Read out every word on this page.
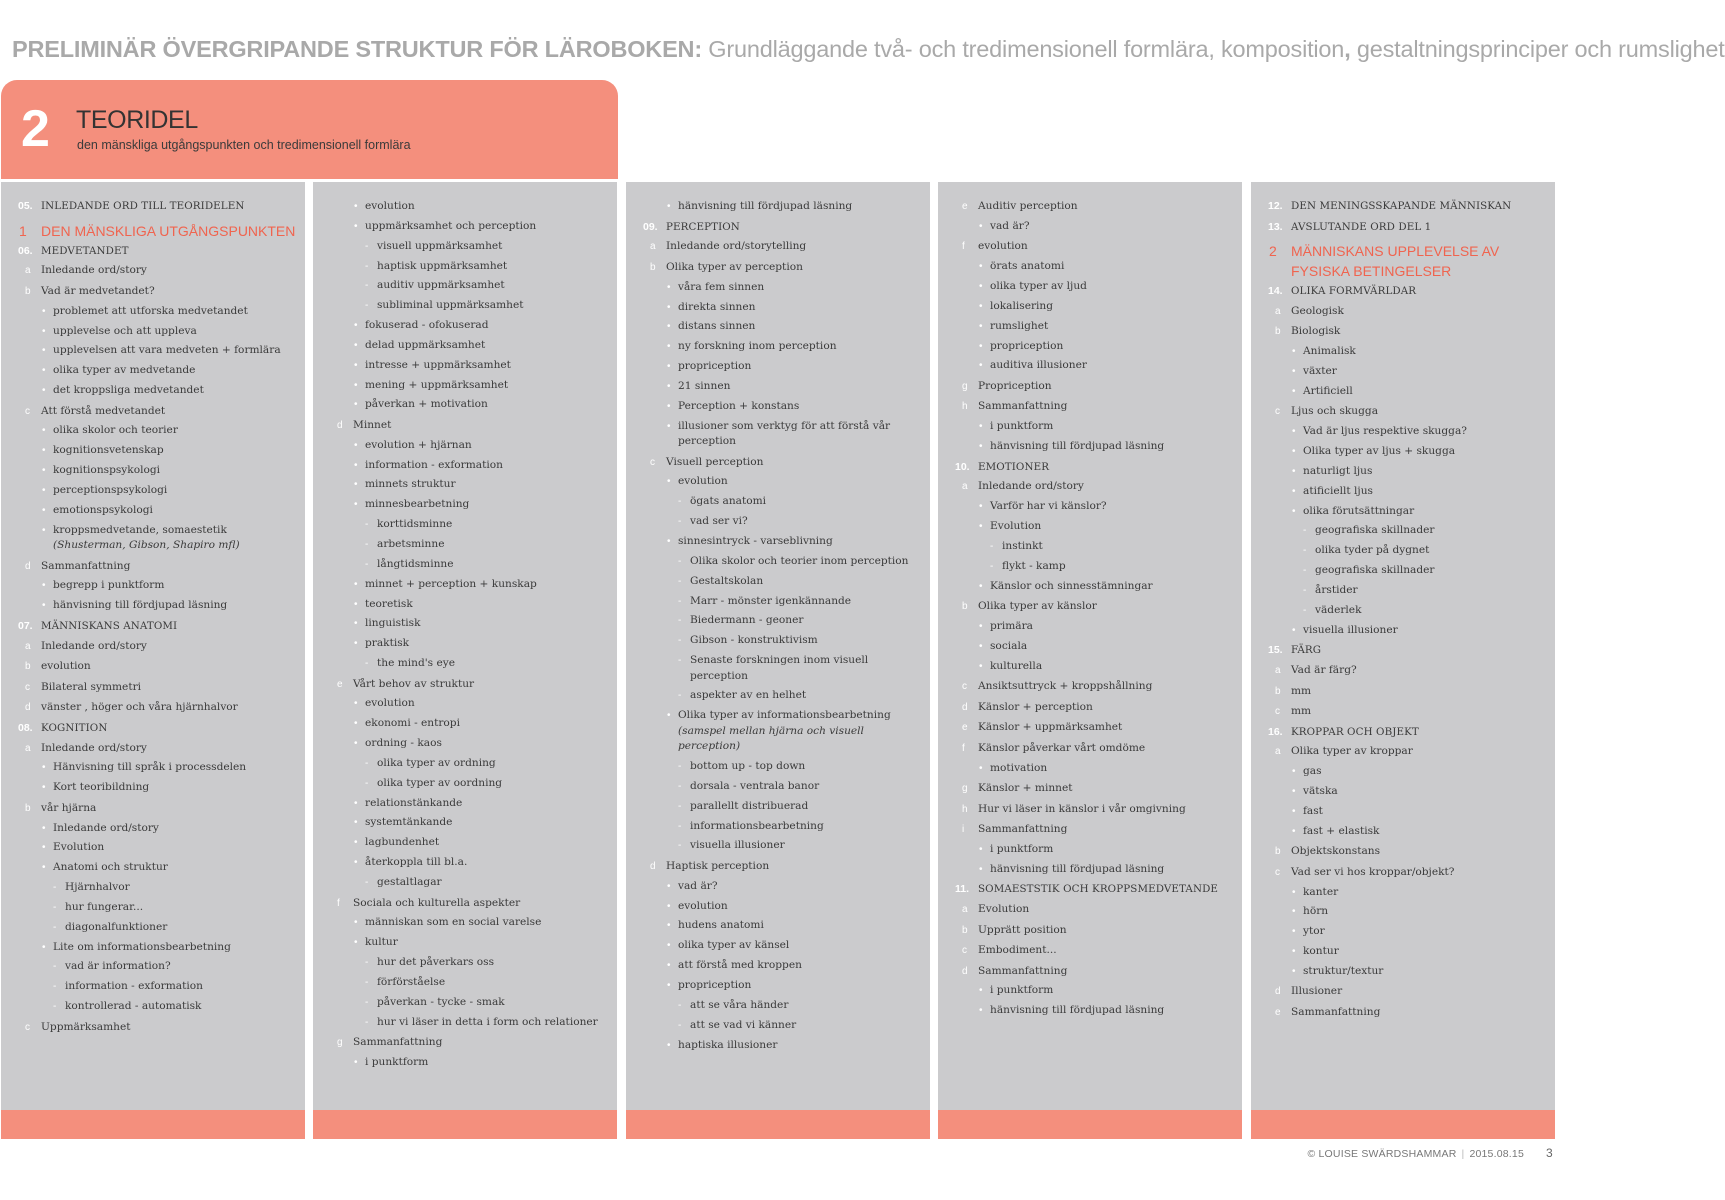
PRELIMINÄR ÖVERGRIPANDE STRUKTUR FÖR LÄROBOKEN: Grundläggande två- och tredimensionell formlära, komposition, gestaltningsprinciper och rumslighet
2 TEORIDEL
den mänskliga utgångspunkten och tredimensionell formlära
05. INLEDANDE ORD TILL TEORIDELEN
1 DEN MÄNSKLIGA UTGÅNGSPUNKTEN
06. MEDVETANDET
a Inledande ord/story
b Vad är medvetandet?
• problemet att utforska medvetandet
• upplevelse och att uppleva
• upplevelsen att vara medveten + formlära
• olika typer av medvetande
• det kroppsliga medvetandet
c Att förstå medvetandet
• olika skolor och teorier
• kognitionsvetenskap
• kognitionspsykologi
• perceptionspsykologi
• emotionspsykologi
• kroppsmedvetande, somaestetik (Shusterman, Gibson, Shapiro mfl)
d Sammanfattning
• begrepp i punktform
• hänvisning till fördjupad läsning
07. MÄNNISKANS ANATOMI
a Inledande ord/story
b evolution
c Bilateral symmetri
d vänster , höger och våra hjärnhalvor
08. KOGNITION
a Inledande ord/story
• Hänvisning till språk i processdelen
• Kort teoribildning
b vår hjärna
• Inledande ord/story
• Evolution
• Anatomi och struktur
- Hjärnhalvor
- hur fungerar...
- diagonalfunktioner
• Lite om informationsbearbetning
- vad är information?
- information - exformation
- kontrollerad - automatisk
c Uppmärksamhet
• evolution
• uppmärksamhet och perception
- visuell uppmärksamhet
- haptisk uppmärksamhet
- auditiv uppmärksamhet
- subliminal uppmärksamhet
• fokuserad - ofokuserad
• delad uppmärksamhet
• intresse + uppmärksamhet
• mening + uppmärksamhet
• påverkan + motivation
d Minnet
• evolution + hjärnan
• information - exformation
• minnets struktur
• minnesbearbetning
- korttidsminne
- arbetsminne
- långtidsminne
• minnet + perception + kunskap
• teoretisk
• linguistisk
• praktisk
- the mind's eye
e Vårt behov av struktur
• evolution
• ekonomi - entropi
• ordning - kaos
- olika typer av ordning
- olika typer av oordning
• relationstänkande
• systemtänkande
• lagbundenhet
• återkoppla till bl.a.
- gestaltlagar
f Sociala och kulturella aspekter
• människan som en social varelse
• kultur
- hur det påverkars oss
- förförståelse
- påverkan - tycke - smak
- hur vi läser in detta i form och relationer
g Sammanfattning
• i punktform
• hänvisning till fördjupad läsning
09. PERCEPTION
a Inledande ord/storytelling
b Olika typer av perception
• våra fem sinnen
• direkta sinnen
• distans sinnen
• ny forskning inom perception
• propriception
• 21 sinnen
• Perception + konstans
• illusioner som verktyg för att förstå vår perception
c Visuell perception
• evolution
- ögats anatomi
- vad ser vi?
• sinnesintryck - varseblivning
- Olika skolor och teorier inom perception
- Gestaltskolan
- Marr - mönster igenkännande
- Biedermann - geoner
- Gibson - konstruktivism
- Senaste forskningen inom visuell perception
- aspekter av en helhet
• Olika typer av informationsbearbetning (samspel mellan hjärna och visuell perception)
- bottom up - top down
- dorsala - ventrala banor
- parallellt distribuerad
- informationsbearbetning
- visuella illusioner
d Haptisk perception
• vad är?
• evolution
• hudens anatomi
• olika typer av känsel
• att förstå med kroppen
• propriception
- att se våra händer
- att se vad vi känner
• haptiska illusioner
e Auditiv perception
• vad är?
f evolution
• örats anatomi
• olika typer av ljud
• lokalisering
• rumslighet
• propriception
• auditiva illusioner
g Propriception
h Sammanfattning
• i punktform
• hänvisning till fördjupad läsning
10. EMOTIONER
a Inledande ord/story
• Varför har vi känslor?
• Evolution
- instinkt
- flykt - kamp
• Känslor och sinnesstämningar
b Olika typer av känslor
• primära
• sociala
• kulturella
c Ansiktsuttryck + kroppshållning
d Känslor + perception
e Känslor + uppmärksamhet
f Känslor påverkar vårt omdöme
• motivation
g Känslor + minnet
h Hur vi läser in känslor i vår omgivning
i Sammanfattning
• i punktform
• hänvisning till fördjupad läsning
11. SOMAESTSTIK OCH KROPPSMEDVETANDE
a Evolution
b Upprätt position
c Embodiment...
d Sammanfattning
• i punktform
• hänvisning till fördjupad läsning
12. DEN MENINGSSKAPANDE MÄNNISKAN
13. AVSLUTANDE ORD DEL 1
2 MÄNNISKANS UPPLEVELSE AV FYSISKA BETINGELSER
14. OLIKA FORMVÄRLDAR
a Geologisk
b Biologisk
• Animalisk
• växter
• Artificiell
c Ljus och skugga
• Vad är ljus respektive skugga?
• Olika typer av ljus + skugga
• naturligt ljus
• atificiellt ljus
• olika förutsättningar
- geografiska skillnader
- olika tyder på dygnet
- geografiska skillnader
- årstider
- väderlek
• visuella illusioner
15. FÄRG
a Vad är färg?
b mm
c mm
16. KROPPAR OCH OBJEKT
a Olika typer av kroppar
• gas
• vätska
• fast
• fast + elastisk
b Objektskonstans
c Vad ser vi hos kroppar/objekt?
• kanter
• hörn
• ytor
• kontur
• struktur/textur
d Illusioner
e Sammanfattning
© LOUISE SWÄRDSHAMMAR | 2015.08.15 3
